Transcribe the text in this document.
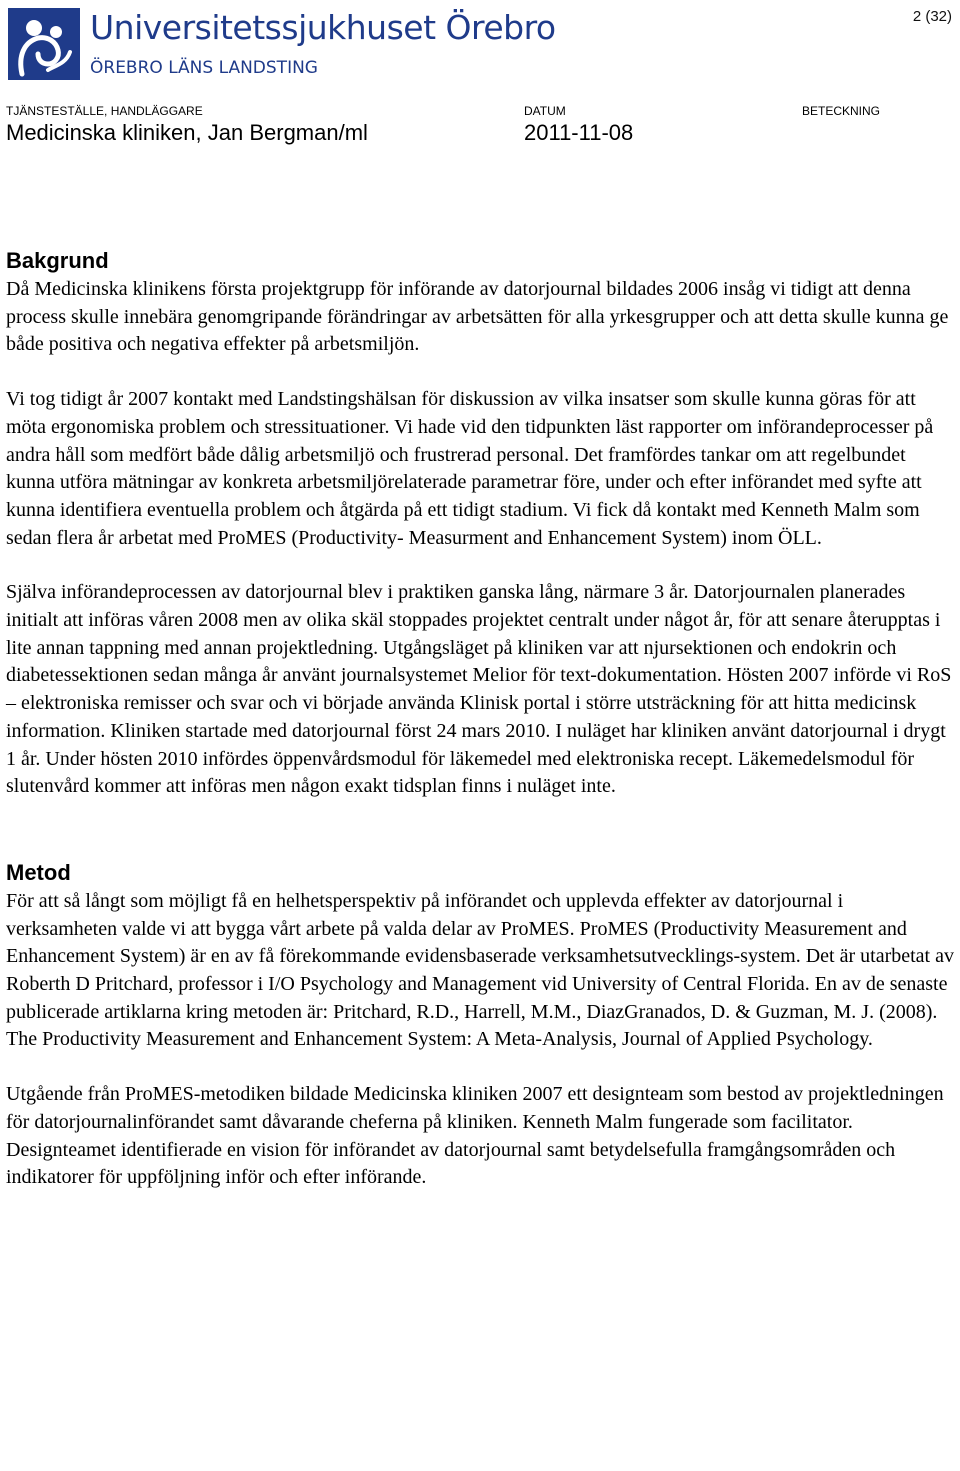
Universitetssjukhuset Örebro
ÖREBRO LÄNS LANDSTING
2 (32)
TJÄNSTESTÄLLE, HANDLÄGGARE
Medicinska kliniken, Jan Bergman/ml
DATUM
2011-11-08
BETECKNING
Bakgrund

Då Medicinska klinikens första projektgrupp för införande av datorjournal bildades 2006 insåg vi tidigt att denna process skulle innebära genomgripande förändringar av arbetsätten för alla yrkesgrupper och att detta skulle kunna ge både positiva och negativa effekter på arbetsmiljön.

Vi tog tidigt år 2007 kontakt med Landstingshälsan för diskussion av vilka insatser som skulle kunna göras för att möta ergonomiska problem och stressituationer. Vi hade vid den tidpunkten läst rapporter om införandeprocesser på andra håll som medfört både dålig arbetsmiljö och frustrerad personal. Det framfördes tankar om att regelbundet kunna utföra mätningar av konkreta arbetsmiljörelaterade parametrar före, under och efter införandet med syfte att kunna identifiera eventuella problem och åtgärda på ett tidigt stadium. Vi fick då kontakt med Kenneth Malm som sedan flera år arbetat med ProMES (Productivity- Measurment and Enhancement System) inom ÖLL.

Själva införandeprocessen av datorjournal blev i praktiken ganska lång, närmare 3 år. Datorjournalen planerades initialt att införas våren 2008 men av olika skäl stoppades projektet centralt under något år, för att senare återupptas i lite annan tappning med annan projektledning. Utgångsläget på kliniken var att njursektionen och endokrin och diabetessektionen sedan många år använt journalsystemet Melior för text-dokumentation. Hösten 2007 införde vi RoS – elektroniska remisser och svar och vi började använda Klinisk portal i större utsträckning för att hitta medicinsk information. Kliniken startade med datorjournal först 24 mars 2010. I nuläget har kliniken använt datorjournal i drygt 1 år. Under hösten 2010 infördes öppenvårdsmodul för läkemedel med elektroniska recept. Läkemedelsmodul för slutenvård kommer att införas men någon exakt tidsplan finns i nuläget inte.

Metod

För att så långt som möjligt få en helhetsperspektiv på införandet och upplevda effekter av datorjournal i verksamheten valde vi att bygga vårt arbete på valda delar av ProMES. ProMES (Productivity Measurement and Enhancement System) är en av få förekommande evidensbaserade verksamhetsutvecklings-system. Det är utarbetat av Roberth D Pritchard, professor i I/O Psychology and Management vid University of Central Florida. En av de senaste publicerade artiklarna kring metoden är: Pritchard, R.D., Harrell, M.M., DiazGranados, D. & Guzman, M. J. (2008). The Productivity Measurement and Enhancement System: A Meta-Analysis, Journal of Applied Psychology.

Utgående från ProMES-metodiken bildade Medicinska kliniken 2007 ett designteam som bestod av projektledningen för datorjournalinförandet samt dåvarande cheferna på kliniken. Kenneth Malm fungerade som facilitator. Designteamet identifierade en vision för införandet av datorjournal samt betydelsefulla framgångsområden och indikatorer för uppföljning inför och efter införande.
